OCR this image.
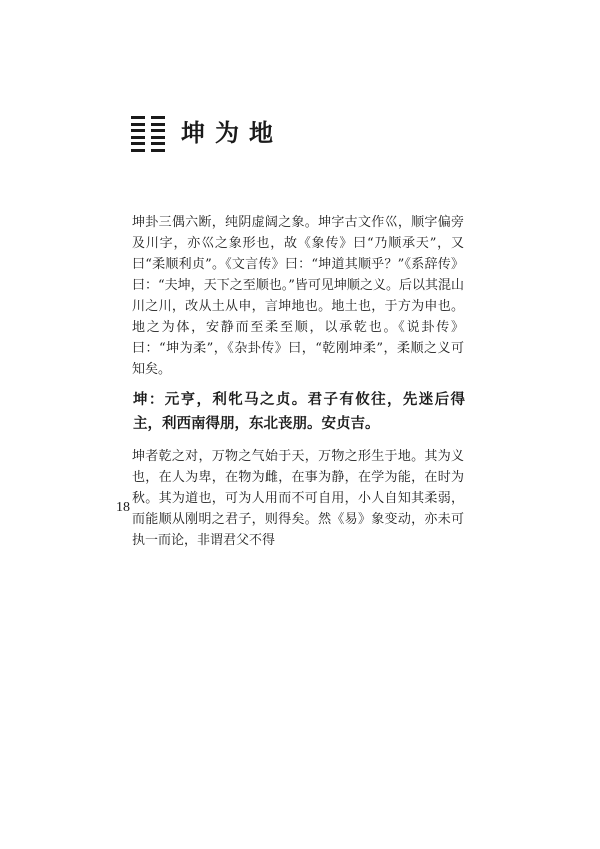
坤为地

坤卦三偶六断，纯阴虚阔之象。坤字古文作巛，顺字偏旁及川字，亦巛之象形也，故《象传》曰“乃顺承天”，又曰“柔顺利贞”。《文言传》曰：“坤道其顺乎？”《系辞传》曰：“夫坤，天下之至顺也。”皆可见坤顺之义。后以其混山川之川，改从土从申，言坤地也。地土也，于方为申也。地之为体，安静而至柔至顺，以承乾也。《说卦传》曰：“坤为柔”，《杂卦传》曰，“乾刚坤柔”，柔顺之义可知矣。

坤：元亨，利牝马之贞。君子有攸往，先迷后得主，利西南得朋，东北丧朋。安贞吉。

坤者乾之对，万物之气始于天，万物之形生于地。其为义也，在人为卑，在物为雌，在事为静，在学为能，在时为秋。其为道也，可为人用而不可自用，小人自知其柔弱，而能顺从刚明之君子，则得矣。然《易》象变动，亦未可执一而论，非谓君父不得

18
